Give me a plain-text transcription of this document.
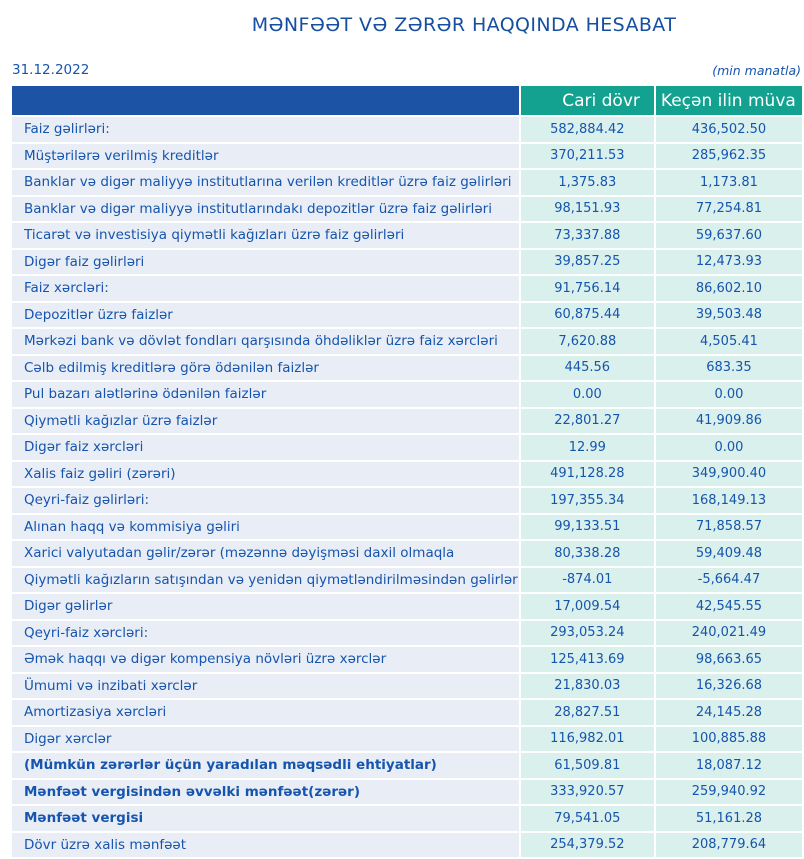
MƏNFƏƏT VƏ ZƏRƏR HAQQINDA HESABAT
31.12.2022	(min manatla)
	Cari dövr	Keçən ilin müva

Faiz gəlirləri:	582,884.42	436,502.50

Müştərilərə verilmiş kreditlər	370,211.53	285,962.35

Banklar və digər maliyyə institutlarına verilən kreditlər üzrə faiz gəlirləri	1,375.83	1,173.81

Banklar və digər maliyyə institutlarındakı depozitlər üzrə faiz gəlirləri	98,151.93	77,254.81

Ticarət və investisiya qiymətli kağızları üzrə faiz gəlirləri	73,337.88	59,637.60

Digər faiz gəlirləri	39,857.25	12,473.93

Faiz xərcləri:	91,756.14	86,602.10

Depozitlər üzrə faizlər	60,875.44	39,503.48

Mərkəzi bank və dövlət fondları qarşısında öhdəliklər üzrə faiz xərcləri	7,620.88	4,505.41

Cəlb edilmiş kreditlərə görə ödənilən faizlər	445.56	683.35

Pul bazarı alətlərinə ödənilən faizlər	0.00	0.00

Qiymətli kağızlar üzrə faizlər	22,801.27	41,909.86

Digər faiz xərcləri	12.99	0.00

Xalis faiz gəliri (zərəri)	491,128.28	349,900.40

Qeyri-faiz gəlirləri:	197,355.34	168,149.13

Alınan haqq və kommisiya gəliri	99,133.51	71,858.57

Xarici valyutadan gəlir/zərər (məzənnə dəyişməsi daxil olmaqla	80,338.28	59,409.48

Qiymətli kağızların satışından və yenidən qiymətləndirilməsindən gəlirlər	-874.01	-5,664.47

Digər gəlirlər	17,009.54	42,545.55

Qeyri-faiz xərcləri:	293,053.24	240,021.49

Əmək haqqı və digər kompensiya növləri üzrə xərclər	125,413.69	98,663.65

Ümumi və inzibati xərclər	21,830.03	16,326.68

Amortizasiya xərcləri	28,827.51	24,145.28

Digər xərclər	116,982.01	100,885.88

(Mümkün zərərlər üçün yaradılan məqsədli ehtiyatlar)	61,509.81	18,087.12

Mənfəət vergisindən əvvəlki mənfəət(zərər)	333,920.57	259,940.92

Mənfəət vergisi	79,541.05	51,161.28

Dövr üzrə xalis mənfəət	254,379.52	208,779.64
